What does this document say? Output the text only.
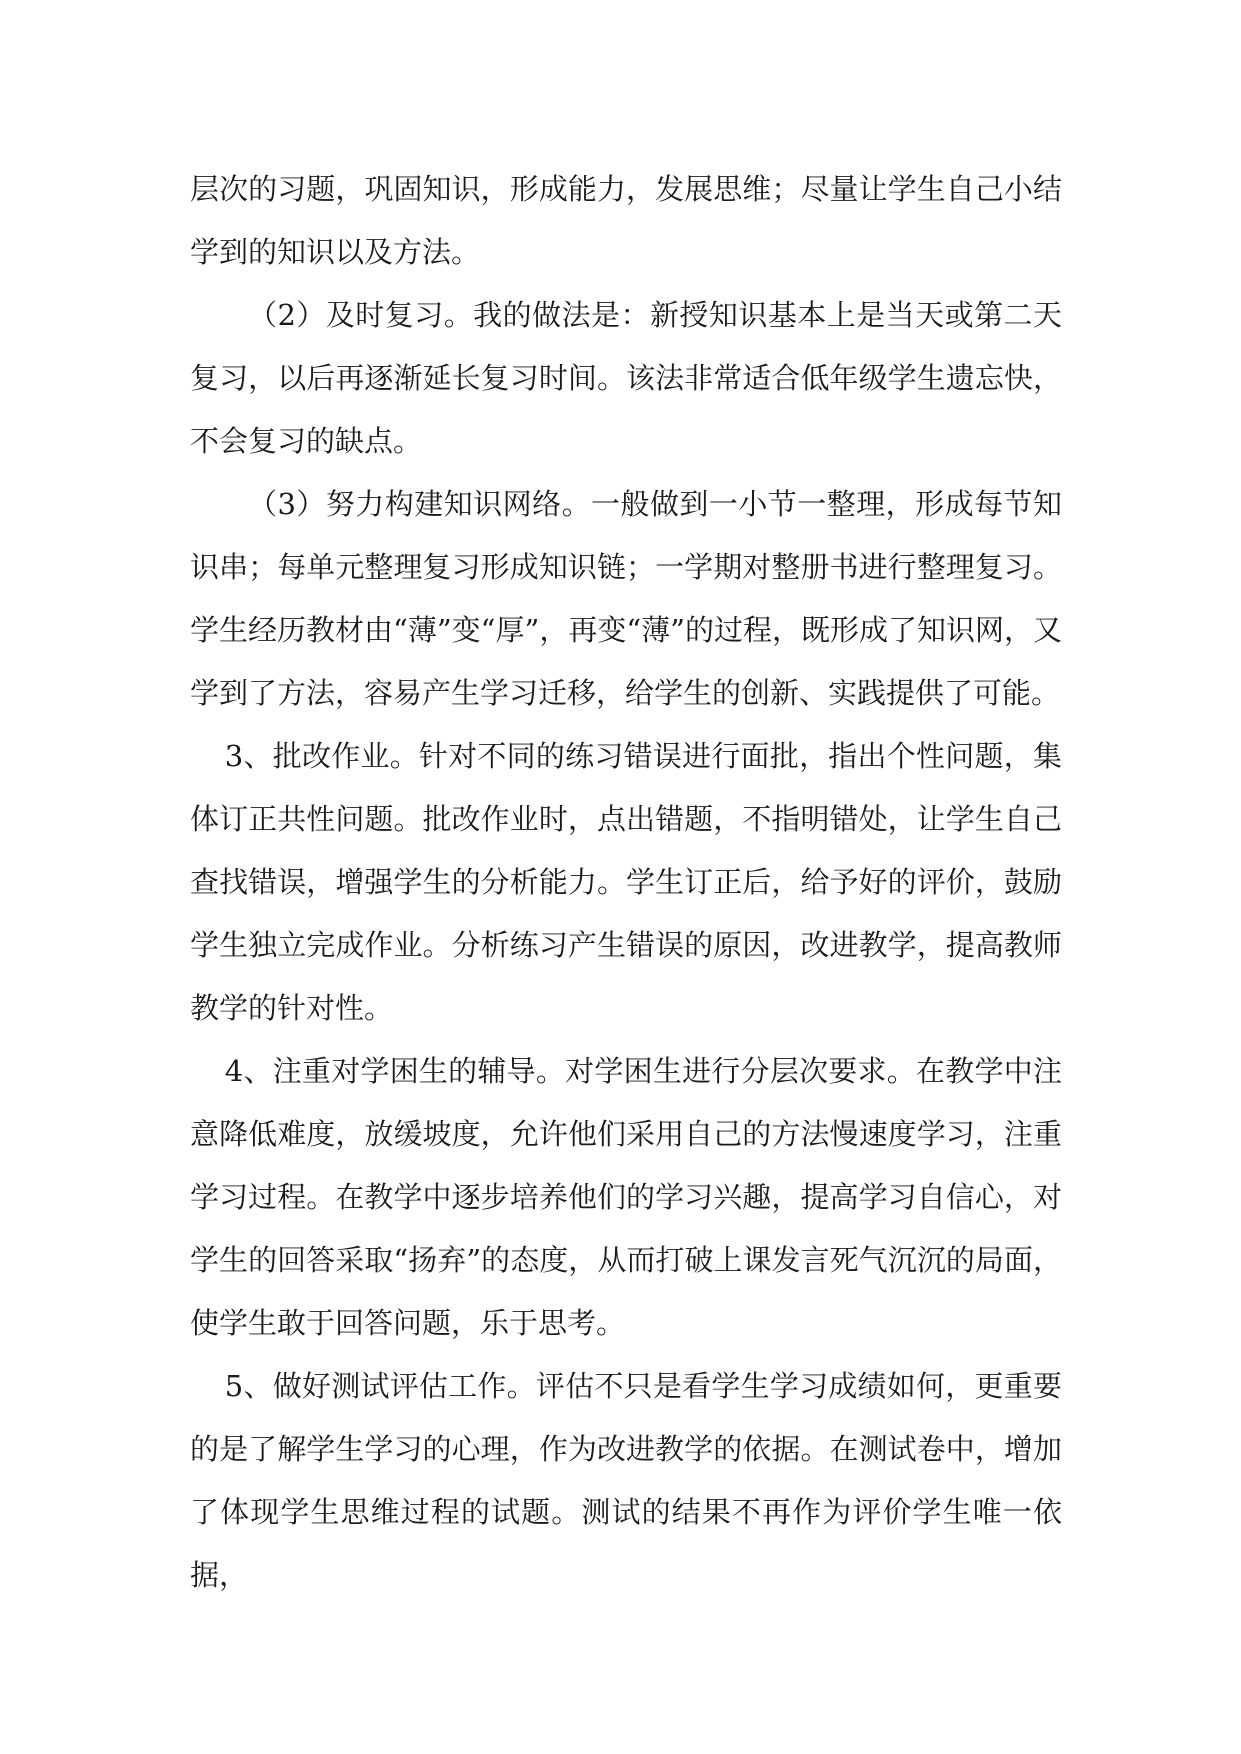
层次的习题，巩固知识，形成能力，发展思维；尽量让学生自己小结学到的知识以及方法。

（2）及时复习。我的做法是：新授知识基本上是当天或第二天复习，以后再逐渐延长复习时间。该法非常适合低年级学生遗忘快，不会复习的缺点。

（3）努力构建知识网络。一般做到一小节一整理，形成每节知识串；每单元整理复习形成知识链；一学期对整册书进行整理复习。学生经历教材由“薄”变“厚”，再变“薄”的过程，既形成了知识网，又学到了方法，容易产生学习迁移，给学生的创新、实践提供了可能。

3、批改作业。针对不同的练习错误进行面批，指出个性问题，集体订正共性问题。批改作业时，点出错题，不指明错处，让学生自己查找错误，增强学生的分析能力。学生订正后，给予好的评价，鼓励学生独立完成作业。分析练习产生错误的原因，改进教学，提高教师教学的针对性。

4、注重对学困生的辅导。对学困生进行分层次要求。在教学中注意降低难度，放缓坡度，允许他们采用自己的方法慢速度学习，注重学习过程。在教学中逐步培养他们的学习兴趣，提高学习自信心，对学生的回答采取“扬弃”的态度，从而打破上课发言死气沉沉的局面，使学生敢于回答问题，乐于思考。

5、做好测试评估工作。评估不只是看学生学习成绩如何，更重要的是了解学生学习的心理，作为改进教学的依据。在测试卷中，增加了体现学生思维过程的试题。测试的结果不再作为评价学生唯一依据，
